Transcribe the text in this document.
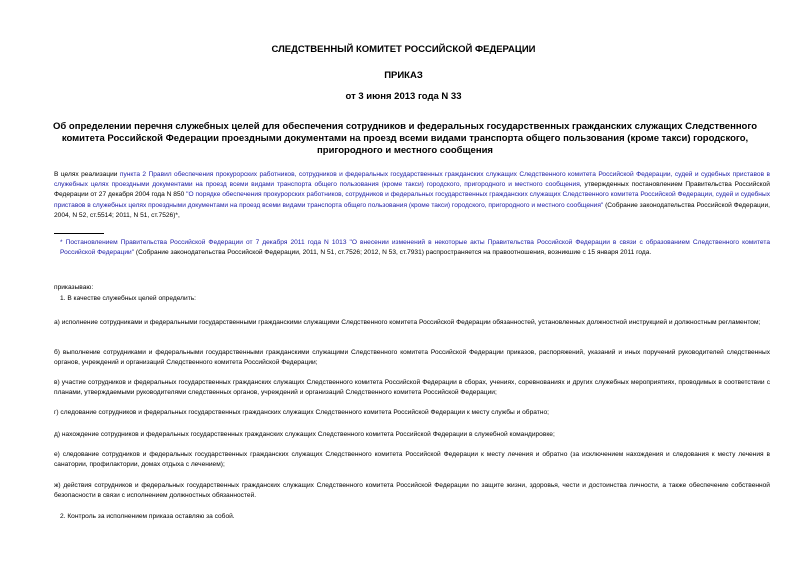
СЛЕДСТВЕННЫЙ КОМИТЕТ РОССИЙСКОЙ ФЕДЕРАЦИИ
ПРИКАЗ
от 3 июня 2013 года N 33
Об определении перечня служебных целей для обеспечения сотрудников и федеральных государственных гражданских служащих Следственного комитета Российской Федерации проездными документами на проезд всеми видами транспорта общего пользования (кроме такси) городского, пригородного и местного сообщения
В целях реализации пункта 2 Правил обеспечения прокурорских работников, сотрудников и федеральных государственных гражданских служащих Следственного комитета Российской Федерации, судей и судебных приставов в служебных целях проездными документами на проезд всеми видами транспорта общего пользования (кроме такси) городского, пригородного и местного сообщения, утвержденных постановлением Правительства Российской Федерации от 27 декабря 2004 года N 850 "О порядке обеспечения прокурорских работников, сотрудников и федеральных государственных гражданских служащих Следственного комитета Российской Федерации, судей и судебных приставов в служебных целях проездными документами на проезд всеми видами транспорта общего пользования (кроме такси) городского, пригородного и местного сообщения" (Собрание законодательства Российской Федерации, 2004, N 52, ст.5514; 2011, N 51, ст.7526)*,
* Постановлением Правительства Российской Федерации от 7 декабря 2011 года N 1013 "О внесении изменений в некоторые акты Правительства Российской Федерации в связи с образованием Следственного комитета Российской Федерации" (Собрание законодательства Российской Федерации, 2011, N 51, ст.7526; 2012, N 53, ст.7931) распространяется на правоотношения, возникшие с 15 января 2011 года.
приказываю:
1. В качестве служебных целей определить:
а) исполнение сотрудниками и федеральными государственными гражданскими служащими Следственного комитета Российской Федерации обязанностей, установленных должностной инструкцией и должностным регламентом;
б) выполнение сотрудниками и федеральными государственными гражданскими служащими Следственного комитета Российской Федерации приказов, распоряжений, указаний и иных поручений руководителей следственных органов, учреждений и организаций Следственного комитета Российской Федерации;
в) участие сотрудников и федеральных государственных гражданских служащих Следственного комитета Российской Федерации в сборах, учениях, соревнованиях и других служебных мероприятиях, проводимых в соответствии с планами, утверждаемыми руководителями следственных органов, учреждений и организаций Следственного комитета Российской Федерации;
г) следование сотрудников и федеральных государственных гражданских служащих Следственного комитета Российской Федерации к месту службы и обратно;
д) нахождение сотрудников и федеральных государственных гражданских служащих Следственного комитета Российской Федерации в служебной командировке;
е) следование сотрудников и федеральных государственных гражданских служащих Следственного комитета Российской Федерации к месту лечения и обратно (за исключением нахождения и следования к месту лечения в санатории, профилактории, домах отдыха с лечением);
ж) действия сотрудников и федеральных государственных гражданских служащих Следственного комитета Российской Федерации по защите жизни, здоровья, чести и достоинства личности, а также обеспечение собственной безопасности в связи с исполнением должностных обязанностей.
2. Контроль за исполнением приказа оставляю за собой.
